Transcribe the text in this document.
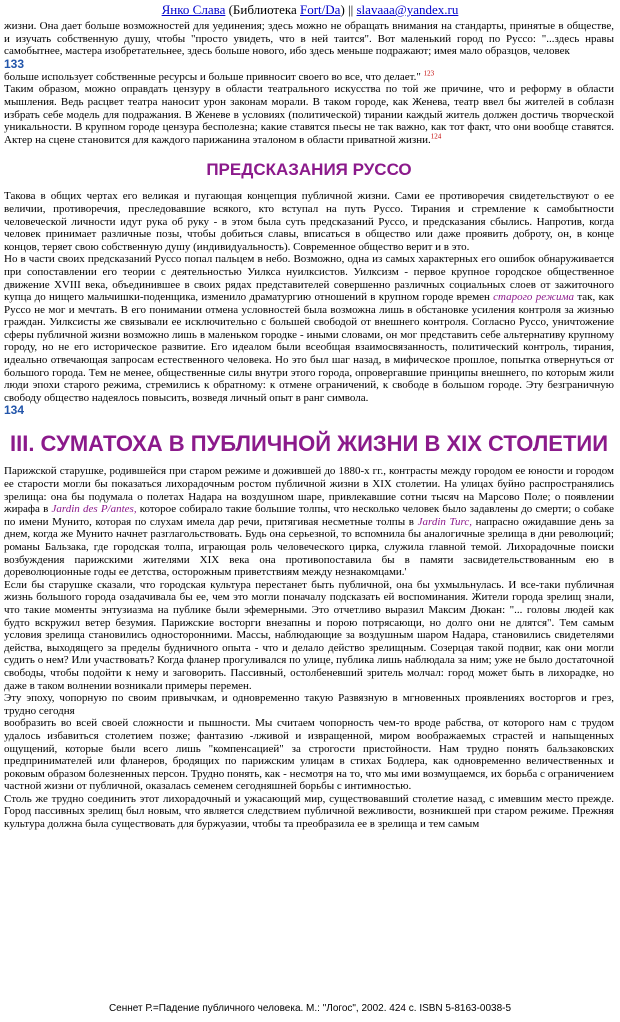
Янко Слава (Библиотека Fort/Da) || slavaaa@yandex.ru

жизни. Она дает больше возможностей для уединения; здесь можно не обращать внимания на стандарты, принятые в обществе, и изучать собственную душу, чтобы "просто увидеть, что в ней таится". Вот маленький город по Руссо: "...здесь нравы самобытнее, мастера изобретательнее, здесь больше нового, ибо здесь меньше подражают; имея мало образцов, человек

133

больше использует собственные ресурсы и больше привносит своего во все, что делает." $^{123}$

Таким образом, можно оправдать цензуру в области театрального искусства по той же причине, что и реформу в области мышления. Ведь расцвет театра наносит урон законам морали. В таком городе, как Женева, театр ввел бы жителей в соблазн избрать себе модель для подражания. В Женеве в условиях (политической) тирании каждый житель должен достичь творческой уникальности. В крупном городе цензура бесполезна; какие ставятся пьесы не так важно, как тот факт, что они вообще ставятся. Актер на сцене становится для каждого парижанина эталоном в области приватной жизни.$^{124}$

ПРЕДСКАЗАНИЯ РУССО

Такова в общих чертах его великая и пугающая концепция публичной жизни. Сами ее противоречия свидетельствуют о ее величии, противоречия, преследовавшие всякого, кто вступал на путь Руссо. Тирания и стремление к самобытности человеческой личности идут рука об руку - в этом была суть предсказаний Руссо, и предсказания сбылись. Напротив, когда человек принимает различные позы, чтобы добиться славы, вписаться в общество или даже проявить доброту, он, в конце концов, теряет свою собственную душу (индивидуальность). Современное общество верит и в это.

Но в части своих предсказаний Руссо попал пальцем в небо. Возможно, одна из самых характерных его ошибок обнаруживается при сопоставлении его теории с деятельностью Уилкса нуилксистов. Уилксизм - первое крупное городское общественное движение XVIII века, объединившее в своих рядах представителей совершенно различных социальных слоев от зажиточного купца до нищего мальчишки-поденщика, изменило драматургию отношений в крупном городе времен старого режима так, как Руссо не мог и мечтать. В его понимании отмена условностей была возможна лишь в обстановке усиления контроля за жизнью граждан. Уилксисты же связывали ее исключительно с большей свободой от внешнего контроля. Согласно Руссо, уничтожение сферы публичной жизни возможно лишь в маленьком городке - иными словами, он мог представить себе альтернативу крупному городу, но не его историческое развитие. Его идеалом были всеобщая взаимосвязанность, политический контроль, тирания, идеально отвечающая запросам естественного человека. Но это был шаг назад, в мифическое прошлое, попытка отвернуться от большого города. Тем не менее, общественные силы внутри этого города, опровергавшие принципы внешнего, по которым жили люди эпохи старого режима, стремились к обратному: к отмене ограничений, к свободе в большом городе. Эту безграничную свободу общество надеялось повысить, возведя личный опыт в ранг символа.

134

III. СУМАТОХА В ПУБЛИЧНОЙ ЖИЗНИ В XIX СТОЛЕТИИ

Парижской старушке, родившейся при старом режиме и дожившей до 1880-х гг., контрасты между городом ее юности и городом ее старости могли бы показаться лихорадочным ростом публичной жизни в XIX столетии. На улицах буйно распространялись зрелища: она бы подумала о полетах Надара на воздушном шаре, привлекавшие сотни тысяч на Марсово Поле; о появлении жирафа в Jardin des P/antes, которое собирало такие большие толпы, что несколько человек было задавлены до смерти; о собаке по имени Мунито, которая по слухам имела дар речи, притягивая несметные толпы в Jardin Turc, напрасно ожидавшие день за днем, когда же Мунито начнет разглагольствовать. Будь она серьезной, то вспомнила бы аналогичные зрелища в дни революций; романы Бальзака, где городская толпа, играющая роль человеческого цирка, служила главной темой. Лихорадочные поиски возбуждения парижскими жителями XIX века она противопоставила бы в памяти засвидетельствованным ею в дореволюционные годы ее детства, осторожным приветствиям между незнакомцами.'

Если бы старушке сказали, что городская культура перестанет быть публичной, она бы ухмыльнулась. И все-таки публичная жизнь большого города озадачивала бы ее, чем это могли поначалу подсказать ей воспоминания. Жители города зрелищ знали, что такие моменты энтузиазма на публике были эфемерными. Это отчетливо выразил Максим Дюкан: "... головы людей как будто вскружил ветер безумия. Парижские восторги внезапны и порою потрясающи, но долго они не длятся". Тем самым условия зрелища становились односторонними. Массы, наблюдающие за воздушным шаром Надара, становились свидетелями действа, выходящего за пределы будничного опыта - что и делало действо зрелищным. Созерцая такой подвиг, как они могли судить о нем? Или участвовать? Когда фланер прогуливался по улице, публика лишь наблюдала за ним; уже не было достаточной свободы, чтобы подойти к нему и заговорить. Пассивный, остолбеневший зритель молчал: город может быть в лихорадке, но даже в таком волнении возникали примеры перемен.

Эту эпоху, чопорную по своим привычкам, и одновременно такую Развязную в мгновенных проявлениях восторгов и грез, трудно сегодня

вообразить во всей своей сложности и пышности. Мы считаем чопорность чем-то вроде рабства, от которого нам с трудом удалось избавиться столетием позже; фантазию -лживой и извращенной, миром воображаемых страстей и напыщенных ощущений, которые были всего лишь "компенсацией" за строгости пристойности. Нам трудно понять бальзаковских предпринимателей или фланеров, бродящих по парижским улицам в стихах Бодлера, как одновременно величественных и роковым образом болезненных персон. Трудно понять, как - несмотря на то, что мы ими возмущаемся, их борьба с ограничением частной жизни от публичной, оказалась семенем сегодняшней борьбы с интимностью.

Столь же трудно соединить этот лихорадочный и ужасающий мир, существовавший столетие назад, с имевшим место прежде. Город пассивных зрелищ был новым, что является следствием публичной вежливости, возникшей при старом режиме. Прежняя культура должна была существовать для буржуазии, чтобы та преобразила ее в зрелища и тем самым

Сеннет Р.=Падение публичного человека. М.: "Логос", 2002. 424 с. ISBN 5-8163-0038-5
